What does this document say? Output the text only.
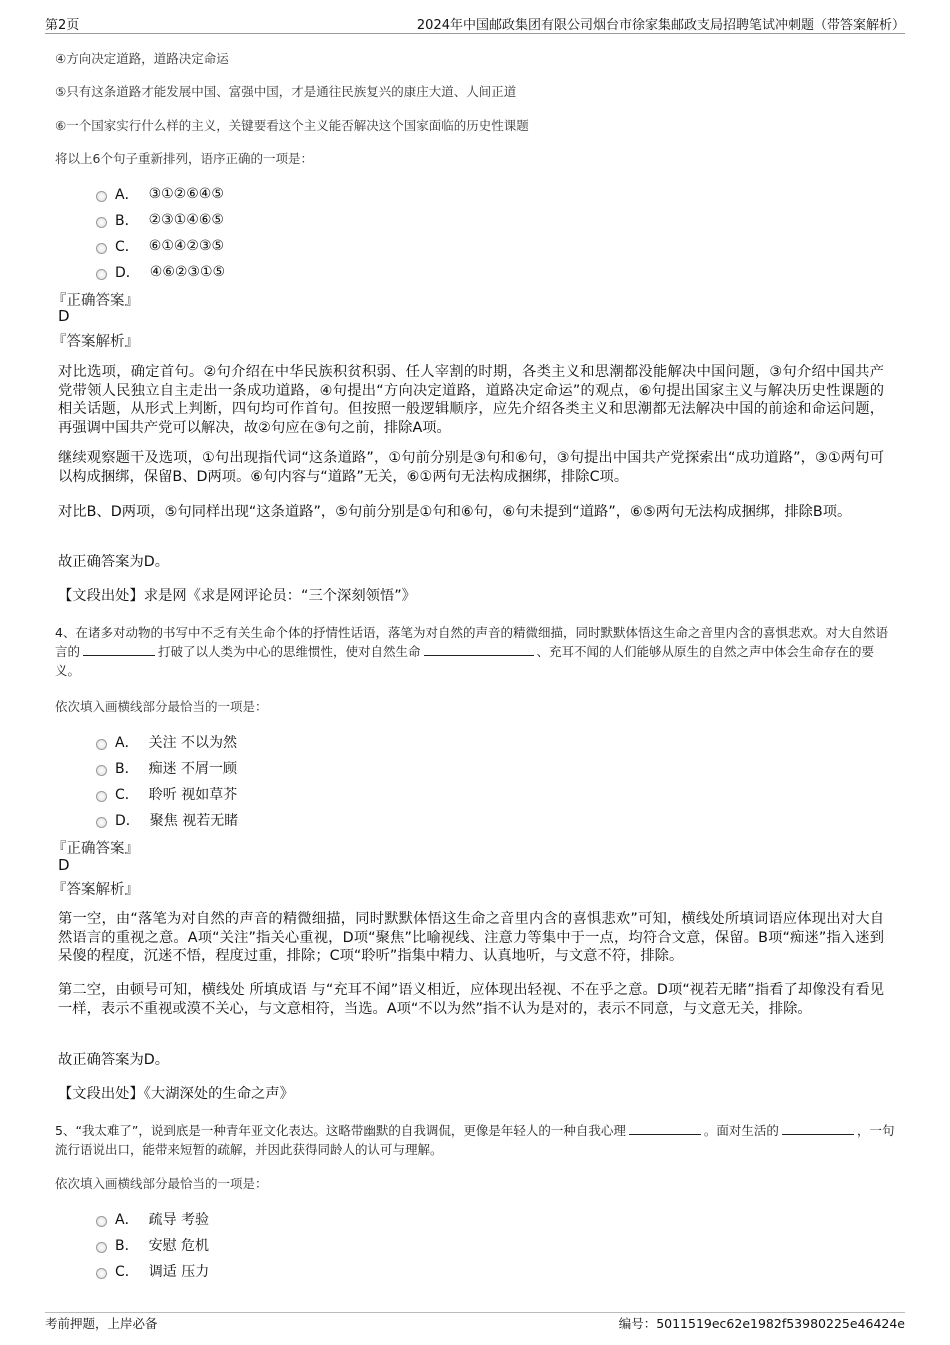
第2页	2024年中国邮政集团有限公司烟台市徐家集邮政支局招聘笔试冲刺题（带答案解析）
④方向决定道路，道路决定命运
⑤只有这条道路才能发展中国、富强中国，才是通往民族复兴的康庄大道、人间正道
⑥一个国家实行什么样的主义，关键要看这个主义能否解决这个国家面临的历史性课题
将以上6个句子重新排列，语序正确的一项是：
A． ③①②⑥④⑤
B． ②③①④⑥⑤
C． ⑥①④②③⑤
D． ④⑥②③①⑤
『正确答案』
D
『答案解析』
对比选项，确定首句。②句介绍在中华民族积贫积弱、任人宰割的时期，各类主义和思潮都没能解决中国问题，③句介绍中国共产党带领人民独立自主走出一条成功道路，④句提出“方向决定道路，道路决定命运”的观点，⑥句提出国家主义与解决历史性课题的相关话题，从形式上判断，四句均可作首句。但按照一般逻辑顺序，应先介绍各类主义和思潮都无法解决中国的前途和命运问题，再强调中国共产党可以解决，故②句应在③句之前，排除A项。
继续观察题干及选项，①句出现指代词“这条道路”，①句前分别是③句和⑥句，③句提出中国共产党探索出“成功道路”，③①两句可以构成捆绑，保留B、D两项。⑥句内容与“道路”无关，⑥①两句无法构成捆绑，排除C项。
对比B、D两项，⑤句同样出现“这条道路”，⑤句前分别是①句和⑥句，⑥句未提到“道路”，⑥⑤两句无法构成捆绑，排除B项。
故正确答案为D。
【文段出处】求是网《求是网评论员：“三个深刻领悟”》
4、在诸多对动物的书写中不乏有关生命个体的抒情性话语，落笔为对自然的声音的精微细描，同时默默体悟这生命之音里内含的喜惧悲欢。对大自然语言的	打破了以人类为中心的思维惯性，使对自然生命	、充耳不闻的人们能够从原生的自然之声中体会生命存在的要义。
依次填入画横线部分最恰当的一项是：
A． 关注 不以为然
B． 痴迷 不屑一顾
C． 聆听 视如草芥
D． 聚焦 视若无睹
『正确答案』
D
『答案解析』
第一空，由“落笔为对自然的声音的精微细描，同时默默体悟这生命之音里内含的喜惧悲欢”可知，横线处所填词语应体现出对大自然语言的重视之意。A项“关注”指关心重视，D项“聚焦”比喻视线、注意力等集中于一点，均符合文意，保留。B项“痴迷”指入迷到呆傻的程度，沉迷不悟，程度过重，排除；C项“聆听”指集中精力、认真地听，与文意不符，排除。
第二空，由顿号可知，横线处 所填成语 与“充耳不闻”语义相近，应体现出轻视、不在乎之意。D项“视若无睹”指看了却像没有看见一样，表示不重视或漠不关心，与文意相符，当选。A项“不以为然”指不认为是对的，表示不同意，与文意无关，排除。
故正确答案为D。
【文段出处】《大湖深处的生命之声》
5、“我太难了”，说到底是一种青年亚文化表达。这略带幽默的自我调侃，更像是年轻人的一种自我心理	。面对生活的	，一句流行语说出口，能带来短暂的疏解，并因此获得同龄人的认可与理解。
依次填入画横线部分最恰当的一项是：
A． 疏导 考验
B． 安慰 危机
C． 调适 压力
考前押题，上岸必备	编号：5011519ec62e1982f53980225e46424e
